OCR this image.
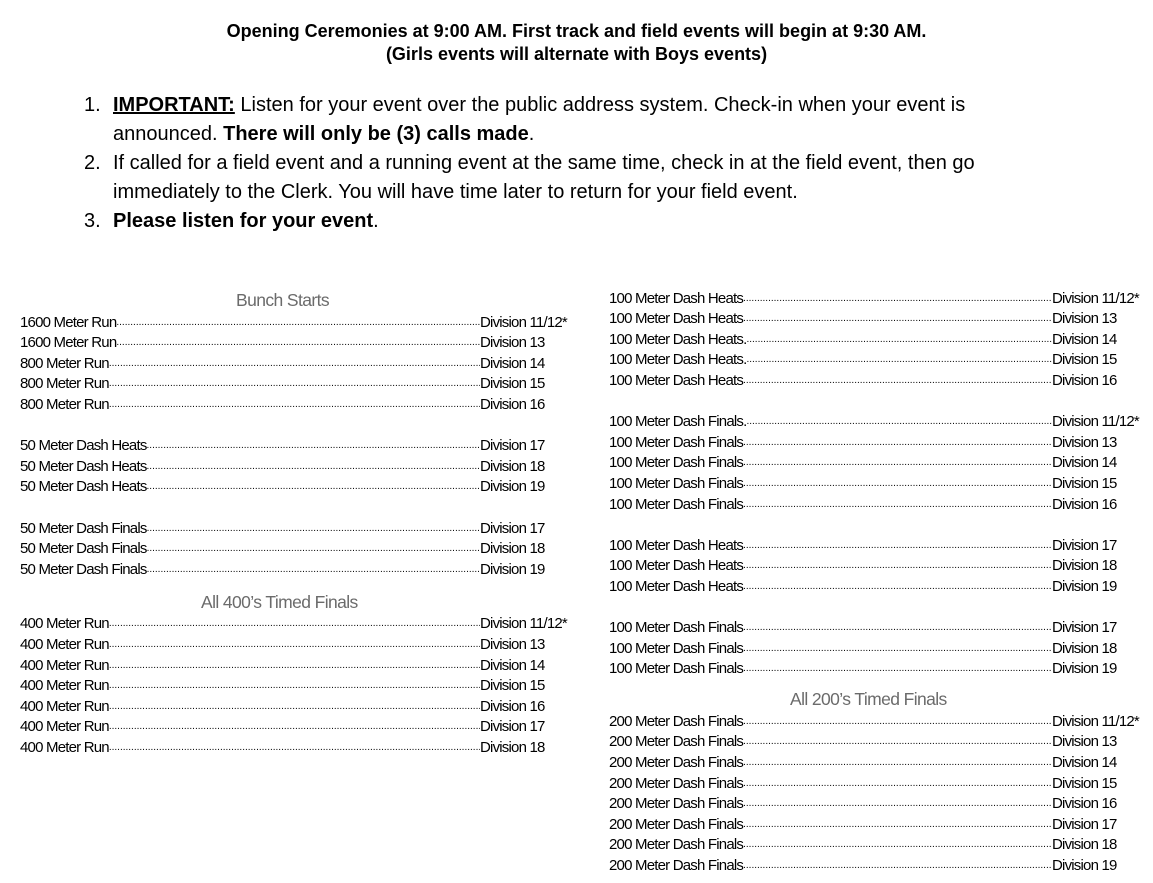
Opening Ceremonies at 9:00 AM. First track and field events will begin at 9:30 AM.
(Girls events will alternate with Boys events)
1. IMPORTANT: Listen for your event over the public address system. Check-in when your event is announced. There will only be (3) calls made.
2. If called for a field event and a running event at the same time, check in at the field event, then go immediately to the Clerk. You will have time later to return for your field event.
3. Please listen for your event.
Bunch Starts
1600 Meter Run .....	Division 11/12*
1600 Meter Run .....	Division 13
800 Meter Run .....	Division 14
800 Meter Run .....	Division 15
800 Meter Run .....	Division 16
50 Meter Dash Heats .....	Division 17
50 Meter Dash Heats .....	Division 18
50 Meter Dash Heats .....	Division 19
50 Meter Dash Finals .....	Division 17
50 Meter Dash Finals .....	Division 18
50 Meter Dash Finals .....	Division 19
All 400’s Timed Finals
400 Meter Run .....	Division 11/12*
400 Meter Run .....	Division 13
400 Meter Run .....	Division 14
400 Meter Run .....	Division 15
400 Meter Run .....	Division 16
400 Meter Run .....	Division 17
400 Meter Run .....	Division 18
100 Meter Dash Heats .....	Division 11/12*
100 Meter Dash Heats .....	Division 13
100 Meter Dash Heats. .....	Division 14
100 Meter Dash Heats. .....	Division 15
100 Meter Dash Heats .....	Division 16
100 Meter Dash Finals. .....	Division 11/12*
100 Meter Dash Finals .....	Division 13
100 Meter Dash Finals .....	Division 14
100 Meter Dash Finals .....	Division 15
100 Meter Dash Finals .....	Division 16
100 Meter Dash Heats .....	Division 17
100 Meter Dash Heats .....	Division 18
100 Meter Dash Heats .....	Division 19
100 Meter Dash Finals .....	Division 17
100 Meter Dash Finals .....	Division 18
100 Meter Dash Finals .....	Division 19
All 200’s Timed Finals
200 Meter Dash Finals .....	Division 11/12*
200 Meter Dash Finals .....	Division 13
200 Meter Dash Finals .....	Division 14
200 Meter Dash Finals .....	Division 15
200 Meter Dash Finals .....	Division 16
200 Meter Dash Finals .....	Division 17
200 Meter Dash Finals .....	Division 18
200 Meter Dash Finals .....	Division 19
